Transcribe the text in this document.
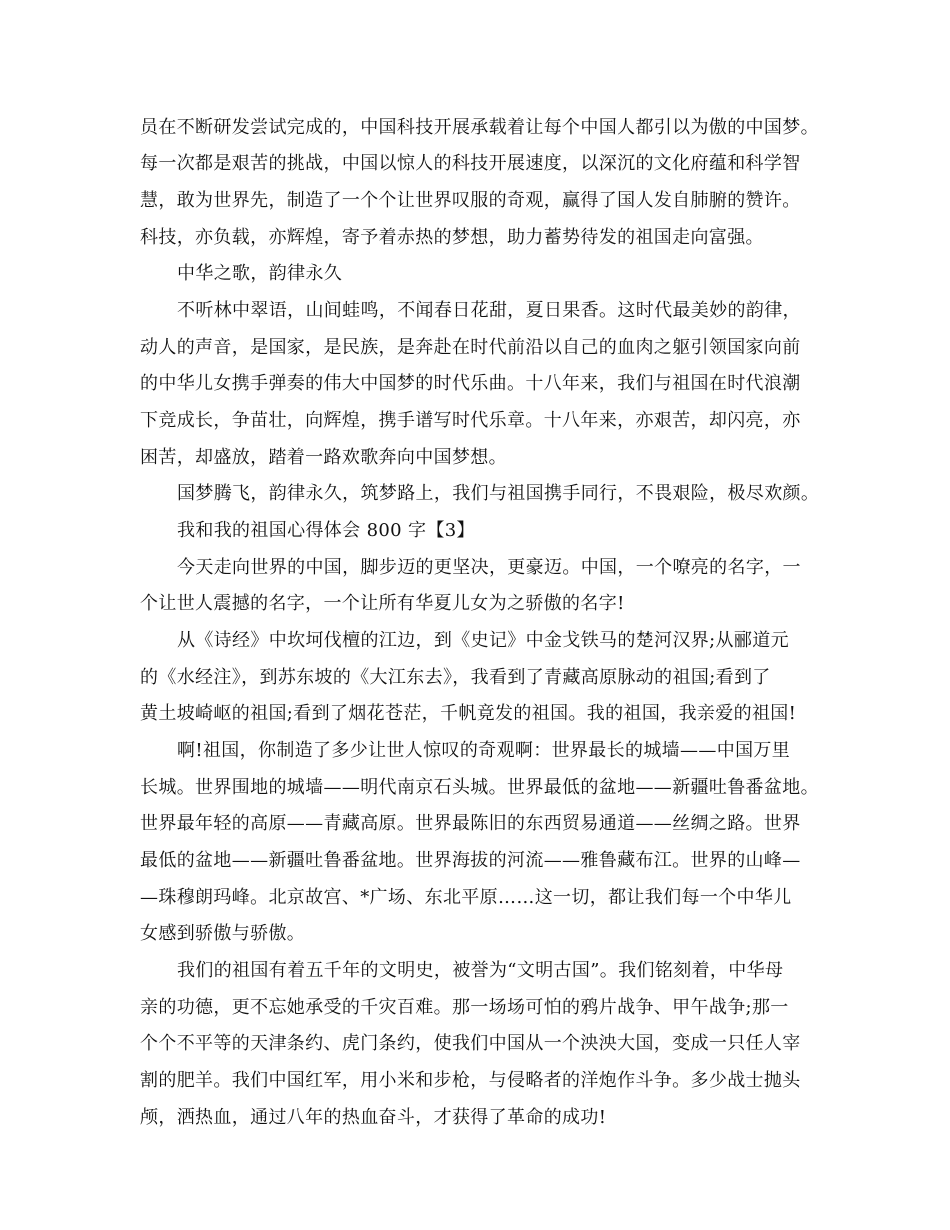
员在不断研发尝试完成的，中国科技开展承载着让每个中国人都引以为傲的中国梦。
每一次都是艰苦的挑战，中国以惊人的科技开展速度，以深沉的文化府蕴和科学智
慧，敢为世界先，制造了一个个让世界叹服的奇观，赢得了国人发自肺腑的赞许。
科技，亦负载，亦辉煌，寄予着赤热的梦想，助力蓄势待发的祖国走向富强。
中华之歌，韵律永久
不听林中翠语，山间蛙鸣，不闻春日花甜，夏日果香。这时代最美妙的韵律，
动人的声音，是国家，是民族，是奔赴在时代前沿以自己的血肉之躯引领国家向前
的中华儿女携手弹奏的伟大中国梦的时代乐曲。十八年来，我们与祖国在时代浪潮
下竞成长，争苗壮，向辉煌，携手谱写时代乐章。十八年来，亦艰苦，却闪亮，亦
困苦，却盛放，踏着一路欢歌奔向中国梦想。
国梦腾飞，韵律永久，筑梦路上，我们与祖国携手同行，不畏艰险，极尽欢颜。
我和我的祖国心得体会 800 字【3】
今天走向世界的中国，脚步迈的更坚决，更豪迈。中国，一个嘹亮的名字，一
个让世人震撼的名字，一个让所有华夏儿女为之骄傲的名字!
从《诗经》中坎坷伐檀的江边，到《史记》中金戈铁马的楚河汉界;从郦道元
的《水经注》，到苏东坡的《大江东去》，我看到了青藏高原脉动的祖国;看到了
黄土坡崎岖的祖国;看到了烟花苍茫，千帆竟发的祖国。我的祖国，我亲爱的祖国!
啊!祖国，你制造了多少让世人惊叹的奇观啊：世界最长的城墙——中国万里
长城。世界围地的城墙——明代南京石头城。世界最低的盆地——新疆吐鲁番盆地。
世界最年轻的高原——青藏高原。世界最陈旧的东西贸易通道——丝绸之路。世界
最低的盆地——新疆吐鲁番盆地。世界海拔的河流——雅鲁藏布江。世界的山峰—
—珠穆朗玛峰。北京故宫、*广场、东北平原……这一切，都让我们每一个中华儿
女感到骄傲与骄傲。
我们的祖国有着五千年的文明史，被誉为“文明古国”。我们铭刻着，中华母
亲的功德，更不忘她承受的千灾百难。那一场场可怕的鸦片战争、甲午战争;那一
个个不平等的天津条约、虎门条约，使我们中国从一个泱泱大国，变成一只任人宰
割的肥羊。我们中国红军，用小米和步枪，与侵略者的洋炮作斗争。多少战士抛头
颅，洒热血，通过八年的热血奋斗，才获得了革命的成功!
